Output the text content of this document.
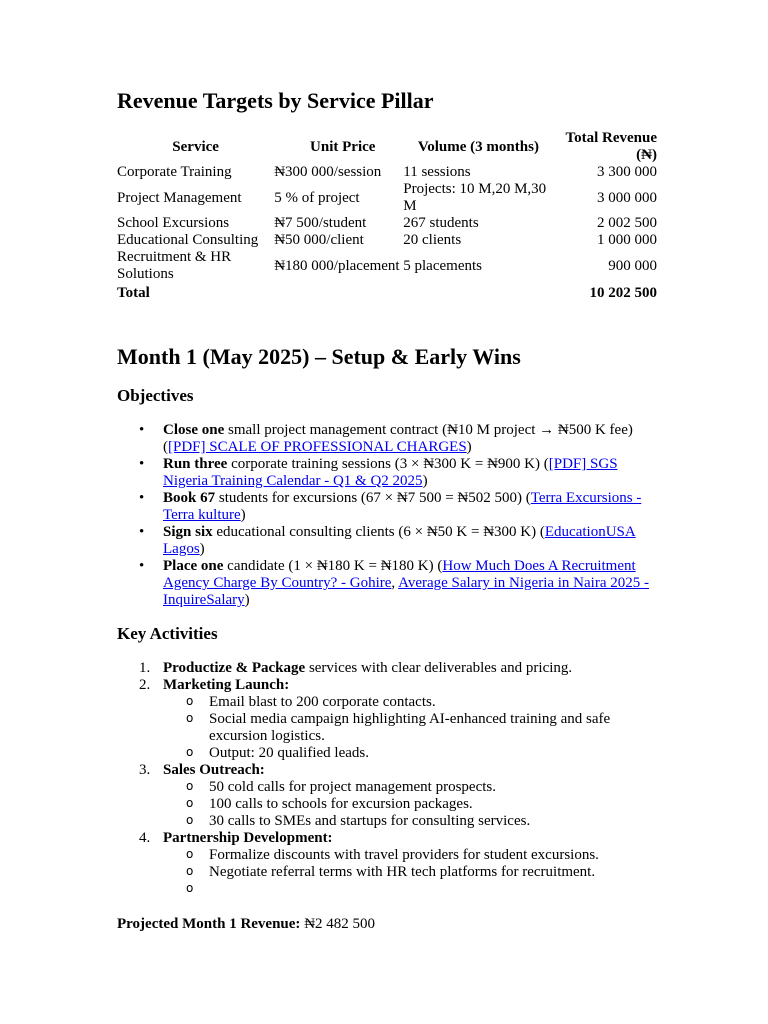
Revenue Targets by Service Pillar
Service	Unit Price	Volume (3 months)	Total Revenue (₦)
Corporate Training	₦300 000/session	11 sessions	3 300 000
Project Management	5 % of project	Projects: 10 M,20 M,30 M	3 000 000
School Excursions	₦7 500/student	267 students	2 002 500
Educational Consulting	₦50 000/client	20 clients	1 000 000
Recruitment & HR Solutions	₦180 000/placement	5 placements	900 000
Total			10 202 500
Month 1 (May 2025) – Setup & Early Wins
Objectives
• Close one small project management contract (₦10 M project → ₦500 K fee) ([PDF] SCALE OF PROFESSIONAL CHARGES)
• Run three corporate training sessions (3 × ₦300 K = ₦900 K) ([PDF] SGS Nigeria Training Calendar - Q1 & Q2 2025)
• Book 67 students for excursions (67 × ₦7 500 = ₦502 500) (Terra Excursions - Terra kulture)
• Sign six educational consulting clients (6 × ₦50 K = ₦300 K) (EducationUSA Lagos)
• Place one candidate (1 × ₦180 K = ₦180 K) (How Much Does A Recruitment Agency Charge By Country? - Gohire, Average Salary in Nigeria in Naira 2025 - InquireSalary)
Key Activities
1. Productize & Package services with clear deliverables and pricing.
2. Marketing Launch:
o Email blast to 200 corporate contacts.
o Social media campaign highlighting AI-enhanced training and safe excursion logistics.
o Output: 20 qualified leads.
3. Sales Outreach:
o 50 cold calls for project management prospects.
o 100 calls to schools for excursion packages.
o 30 calls to SMEs and startups for consulting services.
4. Partnership Development:
o Formalize discounts with travel providers for student excursions.
o Negotiate referral terms with HR tech platforms for recruitment.
o
Projected Month 1 Revenue: ₦2 482 500
